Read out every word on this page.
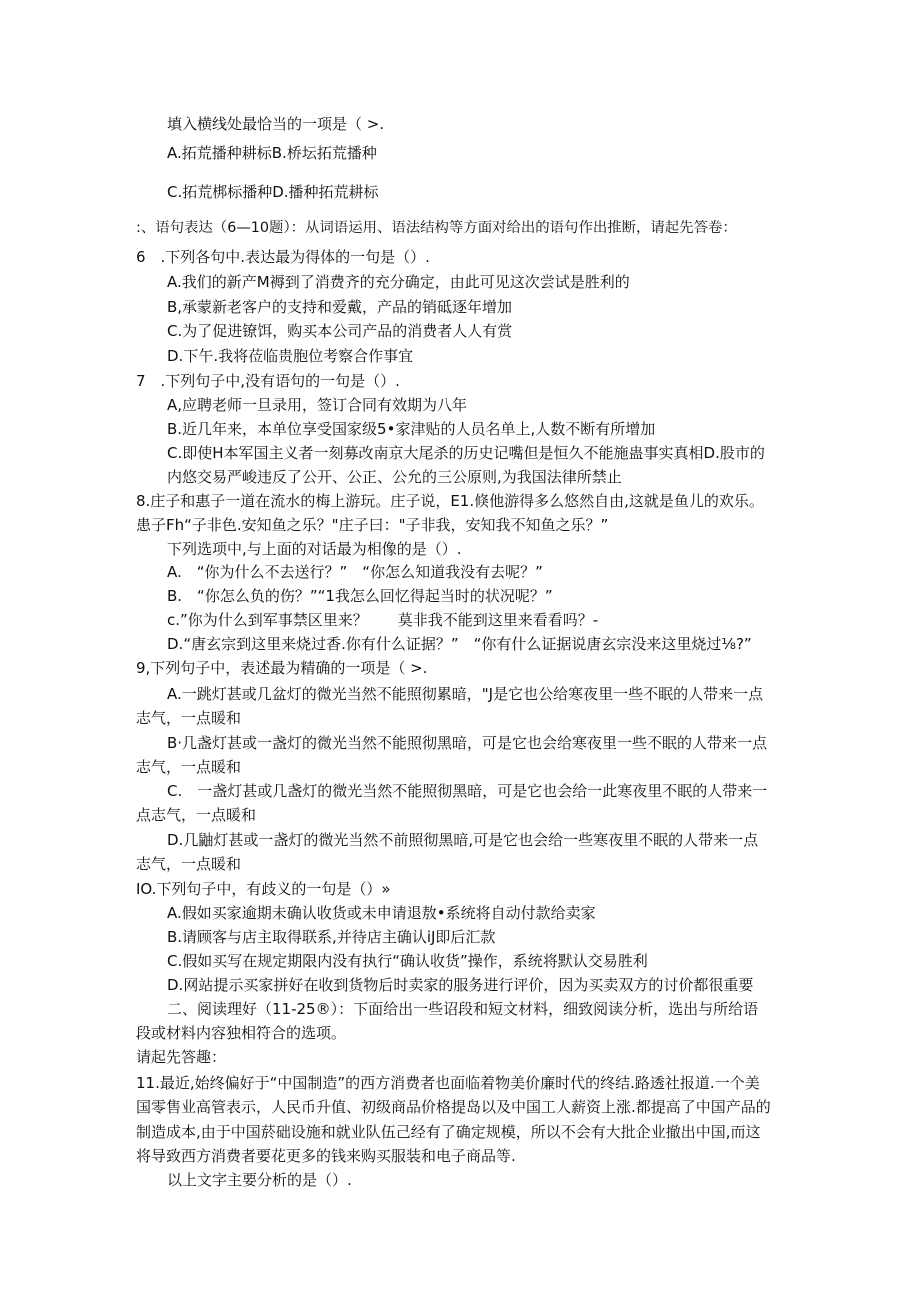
填入横线处最恰当的一项是（ >.
A.拓荒播种耕标B.桥坛拓荒播种
C.拓荒梆标播种D.播种拓荒耕标
:、语句表达（6—10题）：从词语运用、语法结构等方面对给出的语句作出推断，请起先答卷：
6　.下列各句中.表达最为得体的一句是（）.
A.我们的新产M褥到了消费齐的充分确定，由此可见这次尝试是胜利的
B,承蒙新老客户的支持和爱戴，产品的销砥逐年增加
C.为了促进镣饵，购买本公司产品的消费者人人有赏
D.下午.我将莅临贵胞位考察合作事宜
7　.下列句子中,没有语句的一句是（）.
A,应聘老师一旦录用，签订合同有效期为八年
B.近几年来，本单位享受国家级5•家津贴的人员名单上,人数不断有所增加
C.即使H本军国主义者一刻募改南京大尾杀的历史记嘴但是恒久不能施蛊事实真相D.股市的
内悠交易严峻违反了公开、公正、公允的三公原则,为我国法律所禁止
8.庄子和惠子一道在流水的梅上游玩。庄子说，E1.倏他游得多么悠然自由,这就是鱼儿的欢乐。
患子Fh“子非色.安知鱼之乐？"庄子曰："子非我，安知我不知鱼之乐？”
下列选项中,与上面的对话最为相像的是（）.
A.　“你为什么不去送行？”　“你怎么知道我没有去呢？”
B.　“你怎么负的伤？”“1我怎么回忆得起当时的状况呢？”
c.”你为什么到军事禁区里来？　　莫非我不能到这里来看看吗？-
D.“唐玄宗到这里来烧过香.你有什么证据？”　“你有什么证据说唐玄宗没来这里烧过⅛?”
9,下列句子中，表述最为精确的一项是（ >.
A.一跳灯甚或几盆灯的微光当然不能照彻累暗，"J是它也公给寒夜里一些不眠的人带来一点
志气，一点暖和
B·几盏灯甚或一盏灯的微光当然不能照彻黑暗，可是它也会给寒夜里一些不眠的人带来一点
志气，一点暖和
C.　一盏灯甚或几盏灯的微光当然不能照彻黑暗，可是它也会给一此寒夜里不眠的人带来一
点志气，一点暖和
D.几鼬灯甚或一盏灯的微光当然不前照彻黑暗,可是它也会给一些寒夜里不眠的人带来一点
志气，一点暖和
IO.下列句子中，有歧义的一句是（）»
A.假如买家逾期未确认收货或未申请退敖•系统将自动付款给卖家
B.请顾客与店主取得联系,并待店主确认iJ即后汇款
C.假如买写在规定期限内没有执行“确认收货”操作，系统将默认交易胜利
D.网站提示买家拼好在收到货物后时卖家的服务进行评价，因为买卖双方的讨价都很重要
二、阅读理好（11-25®）：下面给出一些诏段和短文材料，细致阅读分析，选出与所给语
段或材料内容独相符合的选项。
请起先答趣：
11.最近,始终偏好于“中国制造”的西方消费者也面临着物美价廉时代的终结.路透社报道.一个美
国零售业高管表示，人民币升值、初级商品价格提岛以及中国工人薪资上涨.都提高了中国产品的
制造成本,由于中国菸础设施和就业队伍己经有了确定规模，所以不会有大批企业撤出中国,而这
将导致西方消费者要花更多的钱来购买服装和电子商品等.
以上文字主要分析的是（）.
